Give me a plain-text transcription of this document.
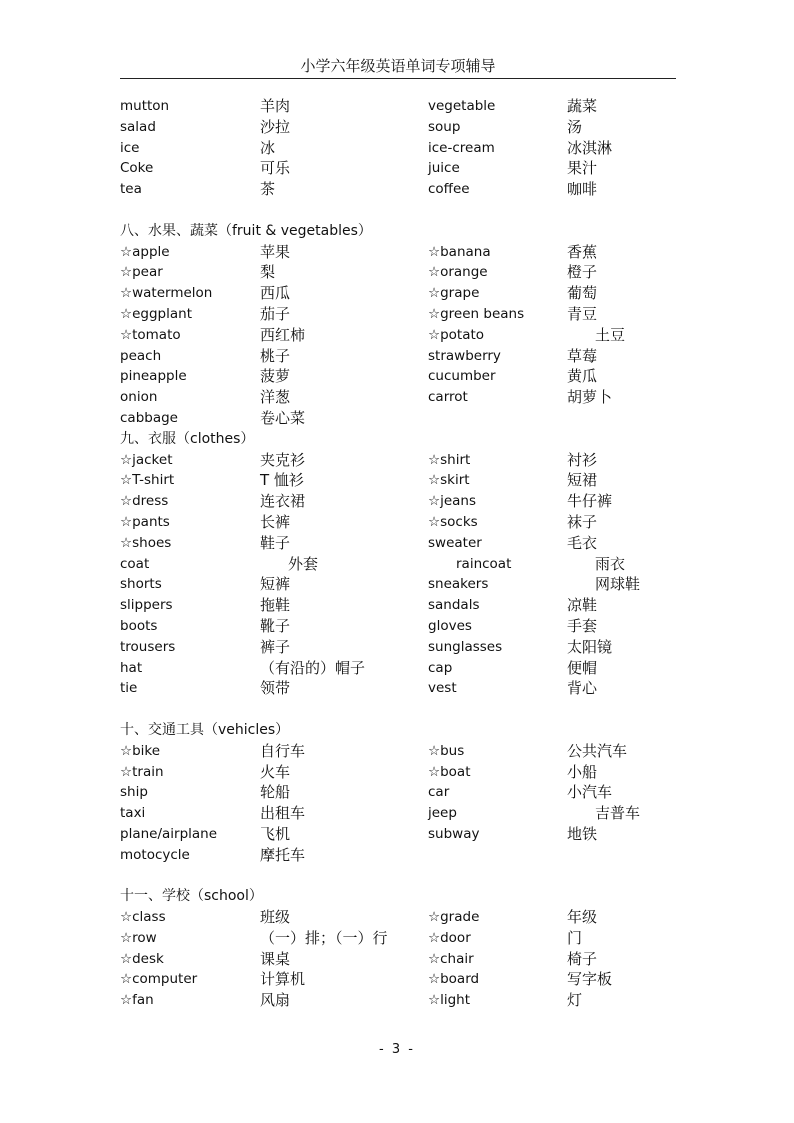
小学六年级英语单词专项辅导
mutton	羊肉	vegetable	蔬菜
salad	沙拉	soup	汤
ice	冰	ice-cream	冰淇淋
Coke	可乐	juice	果汁
tea	茶	coffee	咖啡
八、水果、蔬菜（fruit & vegetables）
☆apple	苹果	☆banana	香蕉
☆pear	梨	☆orange	橙子
☆watermelon	西瓜	☆grape	葡萄
☆eggplant	茄子	☆green beans	青豆
☆tomato	西红柿	☆potato	土豆
peach	桃子	strawberry	草莓
pineapple	菠萝	cucumber	黄瓜
onion	洋葱	carrot	胡萝卜
cabbage	卷心菜
九、衣服（clothes）
☆jacket	夹克衫	☆shirt	衬衫
☆T-shirt	T 恤衫	☆skirt	短裙
☆dress	连衣裙	☆jeans	牛仔裤
☆pants	长裤	☆socks	袜子
☆shoes	鞋子	sweater	毛衣
coat	外套	raincoat	雨衣
shorts	短裤	sneakers	网球鞋
slippers	拖鞋	sandals	凉鞋
boots	靴子	gloves	手套
trousers	裤子	sunglasses	太阳镜
hat	（有沿的）帽子	cap	便帽
tie	领带	vest	背心
十、交通工具（vehicles）
☆bike	自行车	☆bus	公共汽车
☆train	火车	☆boat	小船
ship	轮船	car	小汽车
taxi	出租车	jeep	吉普车
plane/airplane	飞机	subway	地铁
motocycle	摩托车
十一、学校（school）
☆class	班级	☆grade	年级
☆row	（一）排；（一）行	☆door	门
☆desk	课桌	☆chair	椅子
☆computer	计算机	☆board	写字板
☆fan	风扇	☆light	灯
- 3 -
